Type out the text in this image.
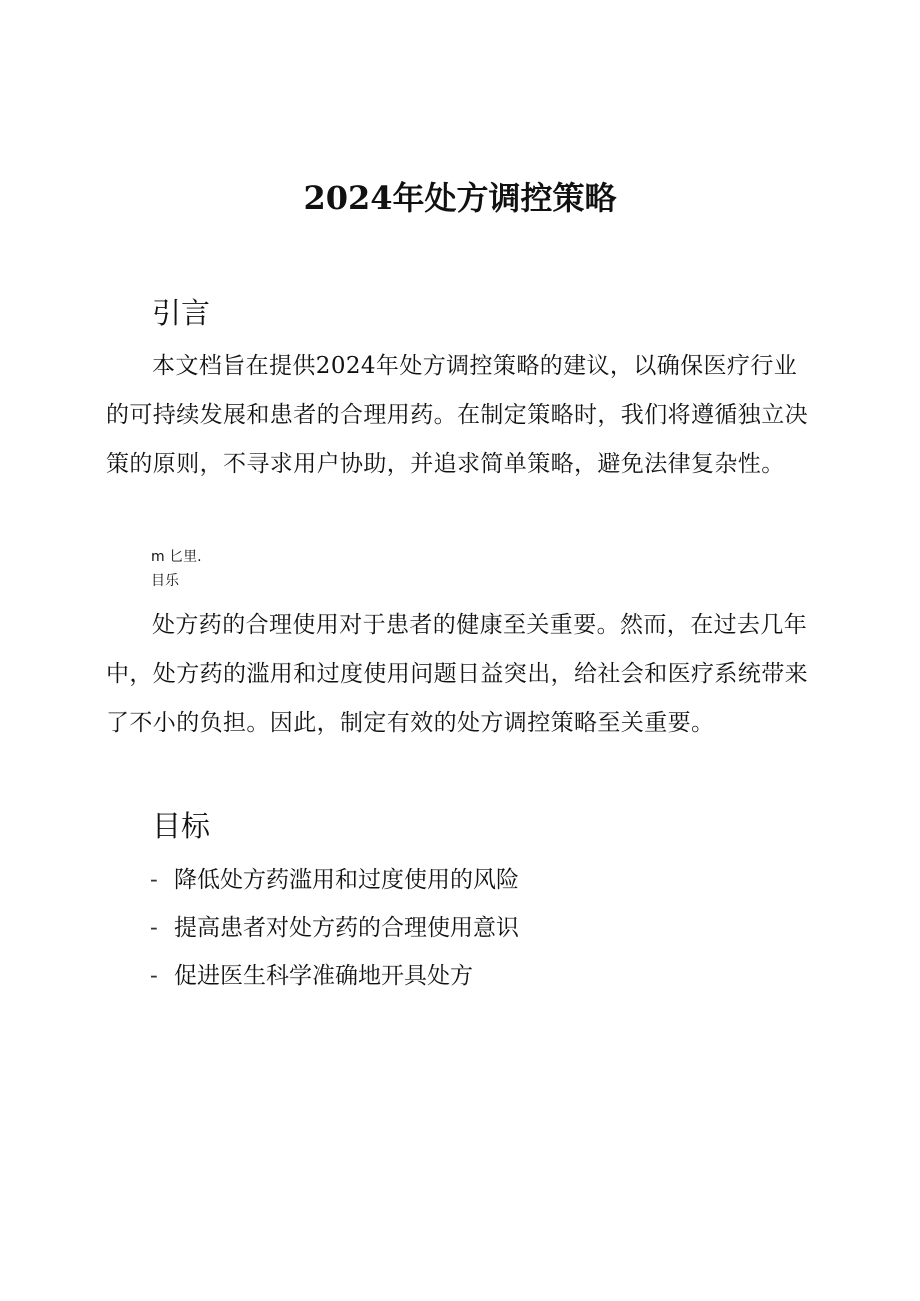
2024年处方调控策略
引言

本文档旨在提供2024年处方调控策略的建议，以确保医疗行业的可持续发展和患者的合理用药。在制定策略时，我们将遵循独立决策的原则，不寻求用户协助，并追求简单策略，避免法律复杂性。

m 匕里.
目乐

处方药的合理使用对于患者的健康至关重要。然而，在过去几年中，处方药的滥用和过度使用问题日益突出，给社会和医疗系统带来了不小的负担。因此，制定有效的处方调控策略至关重要。

目标
- 降低处方药滥用和过度使用的风险
- 提高患者对处方药的合理使用意识
- 促进医生科学准确地开具处方
